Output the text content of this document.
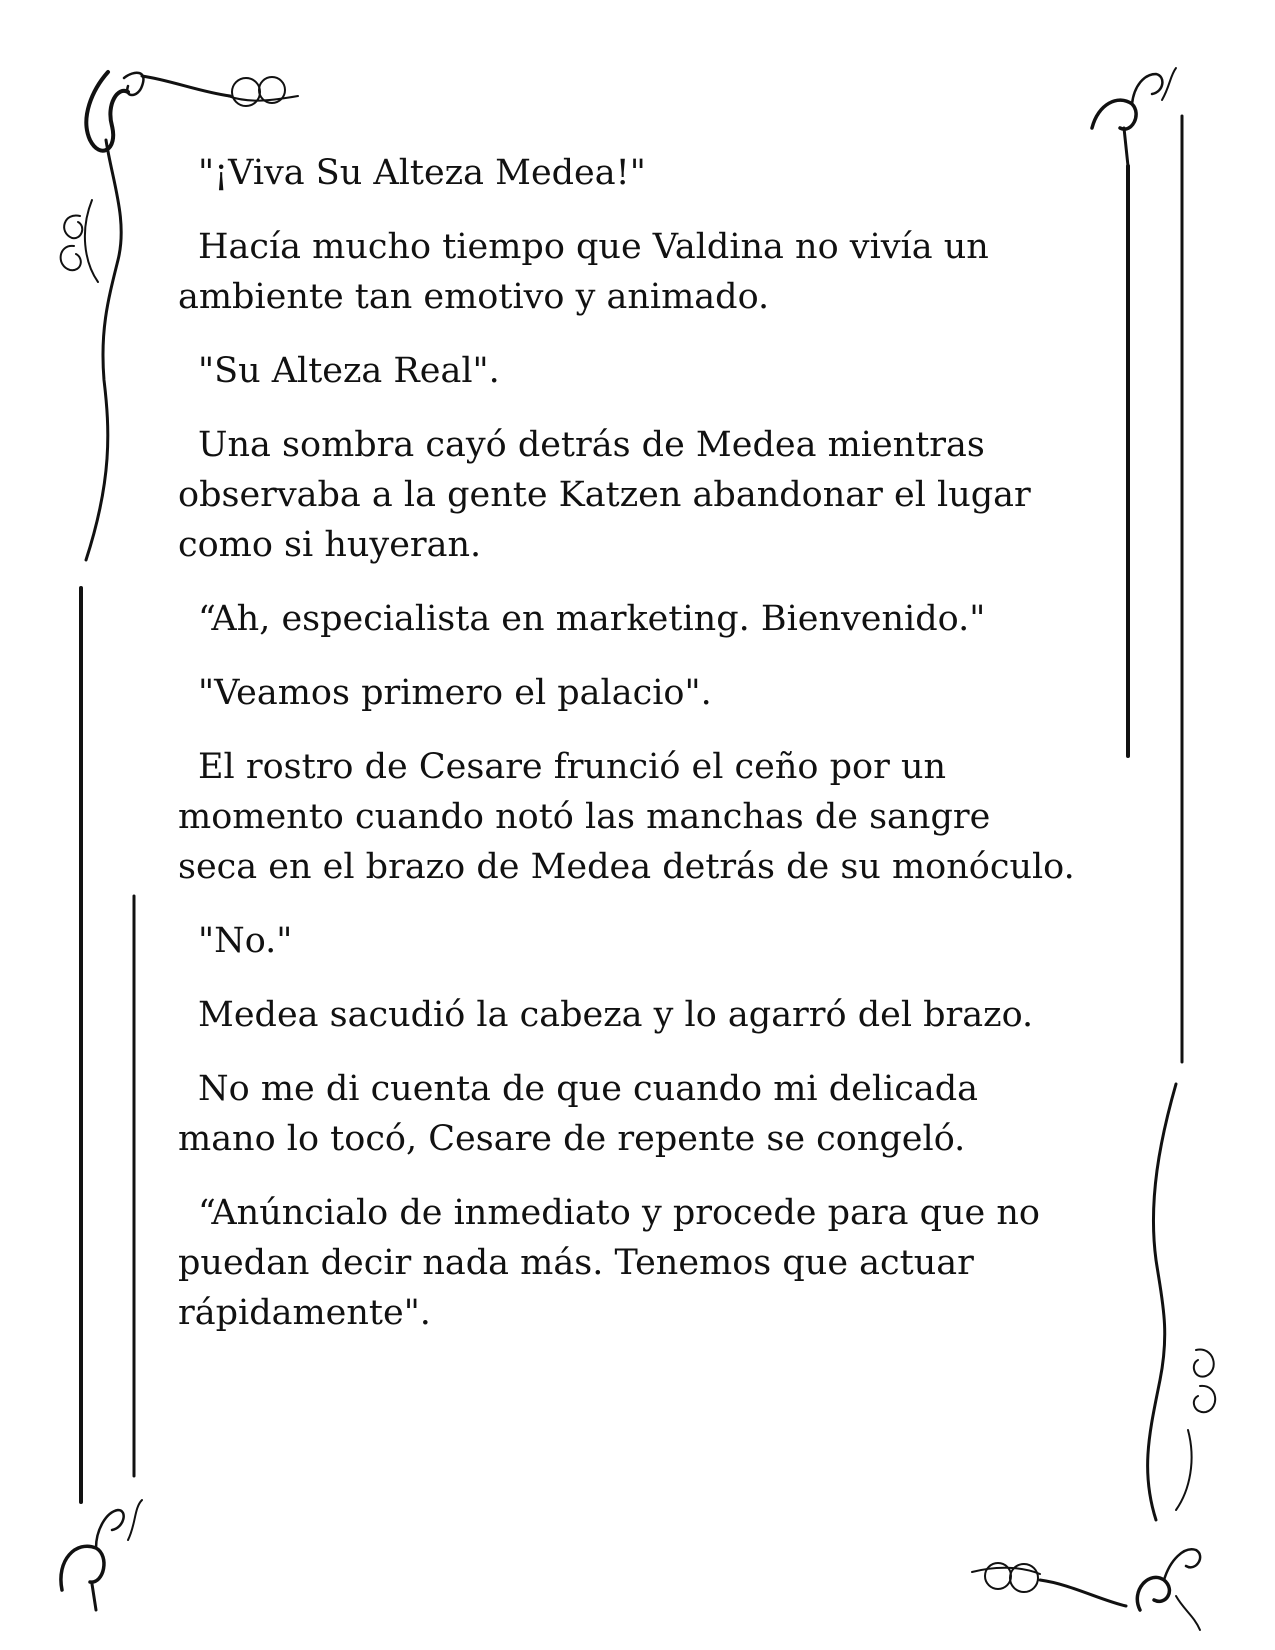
"¡Viva Su Alteza Medea!"

Hacía mucho tiempo que Valdina no vivía un ambiente tan emotivo y animado.

"Su Alteza Real".

Una sombra cayó detrás de Medea mientras observaba a la gente Katzen abandonar el lugar como si huyeran.

“Ah, especialista en marketing. Bienvenido."

"Veamos primero el palacio".

El rostro de Cesare frunció el ceño por un momento cuando notó las manchas de sangre seca en el brazo de Medea detrás de su monóculo.

"No."

Medea sacudió la cabeza y lo agarró del brazo.

No me di cuenta de que cuando mi delicada mano lo tocó, Cesare de repente se congeló.

“Anúncialo de inmediato y procede para que no puedan decir nada más. Tenemos que actuar rápidamente".
